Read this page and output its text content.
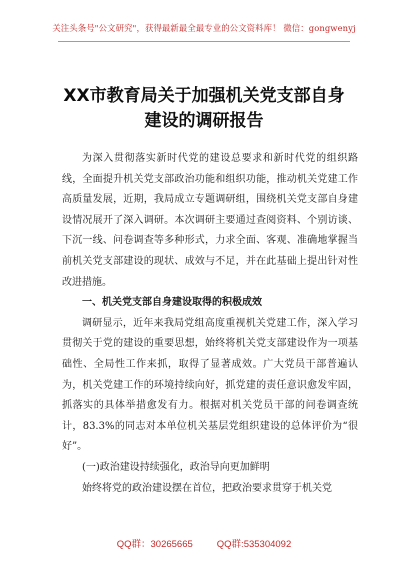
关注头条号"公文研究"，获得最新最全最专业的公文资料库！ 微信：gongwenyj
XX市教育局关于加强机关党支部自身
建设的调研报告

为深入贯彻落实新时代党的建设总要求和新时代党的组织路线，全面提升机关党支部政治功能和组织功能，推动机关党建工作高质量发展，近期，我局成立专题调研组，围绕机关党支部自身建设情况展开了深入调研。本次调研主要通过查阅资料、个别访谈、下沉一线、问卷调查等多种形式，力求全面、客观、准确地掌握当前机关党支部建设的现状、成效与不足，并在此基础上提出针对性改进措施。

一、机关党支部自身建设取得的积极成效

调研显示，近年来我局党组高度重视机关党建工作，深入学习贯彻关于党的建设的重要思想，始终将机关党支部建设作为一项基础性、全局性工作来抓，取得了显著成效。广大党员干部普遍认为，机关党建工作的环境持续向好，抓党建的责任意识愈发牢固，抓落实的具体举措愈发有力。根据对机关党员干部的问卷调查统计，83.3%的同志对本单位机关基层党组织建设的总体评价为“很好”。

(一)政治建设持续强化，政治导向更加鲜明

始终将党的政治建设摆在首位，把政治要求贯穿于机关党

QQ群：30265665	QQ群:535304092
